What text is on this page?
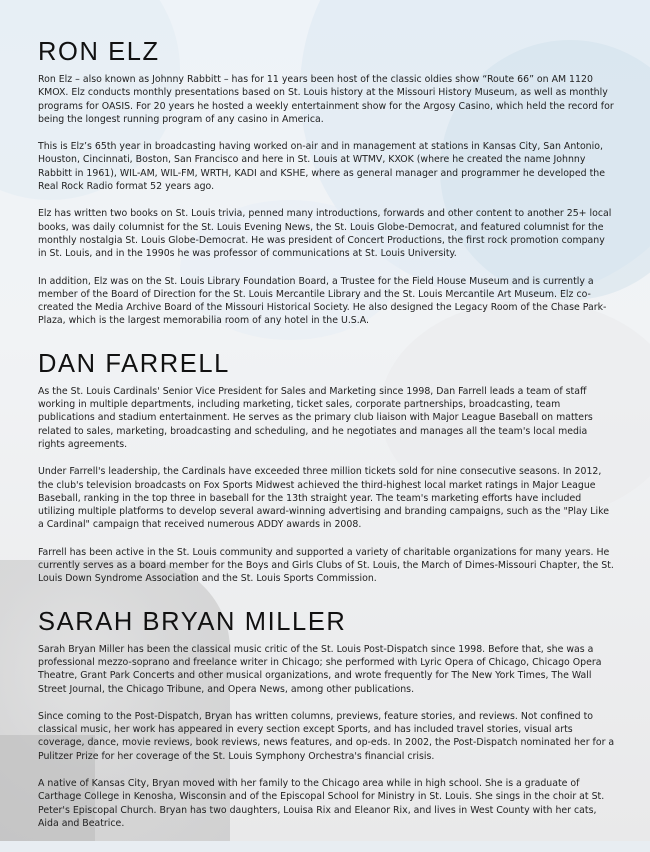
RON ELZ

Ron Elz – also known as Johnny Rabbitt – has for 11 years been host of the classic oldies show “Route 66” on AM 1120 KMOX. Elz conducts monthly presentations based on St. Louis history at the Missouri History Museum, as well as monthly programs for OASIS. For 20 years he hosted a weekly entertainment show for the Argosy Casino, which held the record for being the longest running program of any casino in America.

This is Elz’s 65th year in broadcasting having worked on-air and in management at stations in Kansas City, San Antonio, Houston, Cincinnati, Boston, San Francisco and here in St. Louis at WTMV, KXOK (where he created the name Johnny Rabbitt in 1961), WIL-AM, WIL-FM, WRTH, KADI and KSHE, where as general manager and programmer he developed the Real Rock Radio format 52 years ago.

Elz has written two books on St. Louis trivia, penned many introductions, forwards and other content to another 25+ local books, was daily columnist for the St. Louis Evening News, the St. Louis Globe-Democrat, and featured columnist for the monthly nostalgia St. Louis Globe-Democrat. He was president of Concert Productions, the first rock promotion company in St. Louis, and in the 1990s he was professor of communications at St. Louis University.

In addition, Elz was on the St. Louis Library Foundation Board, a Trustee for the Field House Museum and is currently a member of the Board of Direction for the St. Louis Mercantile Library and the St. Louis Mercantile Art Museum. Elz co-created the Media Archive Board of the Missouri Historical Society. He also designed the Legacy Room of the Chase Park-Plaza, which is the largest memorabilia room of any hotel in the U.S.A.

DAN FARRELL

As the St. Louis Cardinals' Senior Vice President for Sales and Marketing since 1998, Dan Farrell leads a team of staff working in multiple departments, including marketing, ticket sales, corporate partnerships, broadcasting, team publications and stadium entertainment. He serves as the primary club liaison with Major League Baseball on matters related to sales, marketing, broadcasting and scheduling, and he negotiates and manages all the team's local media rights agreements.

Under Farrell's leadership, the Cardinals have exceeded three million tickets sold for nine consecutive seasons. In 2012, the club's television broadcasts on Fox Sports Midwest achieved the third-highest local market ratings in Major League Baseball, ranking in the top three in baseball for the 13th straight year. The team's marketing efforts have included utilizing multiple platforms to develop several award-winning advertising and branding campaigns, such as the "Play Like a Cardinal" campaign that received numerous ADDY awards in 2008.

Farrell has been active in the St. Louis community and supported a variety of charitable organizations for many years. He currently serves as a board member for the Boys and Girls Clubs of St. Louis, the March of Dimes-Missouri Chapter, the St. Louis Down Syndrome Association and the St. Louis Sports Commission.

SARAH BRYAN MILLER

Sarah Bryan Miller has been the classical music critic of the St. Louis Post-Dispatch since 1998. Before that, she was a professional mezzo-soprano and freelance writer in Chicago; she performed with Lyric Opera of Chicago, Chicago Opera Theatre, Grant Park Concerts and other musical organizations, and wrote frequently for The New York Times, The Wall Street Journal, the Chicago Tribune, and Opera News, among other publications.

Since coming to the Post-Dispatch, Bryan has written columns, previews, feature stories, and reviews. Not confined to classical music, her work has appeared in every section except Sports, and has included travel stories, visual arts coverage, dance, movie reviews, book reviews, news features, and op-eds. In 2002, the Post-Dispatch nominated her for a Pulitzer Prize for her coverage of the St. Louis Symphony Orchestra's financial crisis.

A native of Kansas City, Bryan moved with her family to the Chicago area while in high school. She is a graduate of Carthage College in Kenosha, Wisconsin and of the Episcopal School for Ministry in St. Louis. She sings in the choir at St. Peter's Episcopal Church. Bryan has two daughters, Louisa Rix and Eleanor Rix, and lives in West County with her cats, Aida and Beatrice.
